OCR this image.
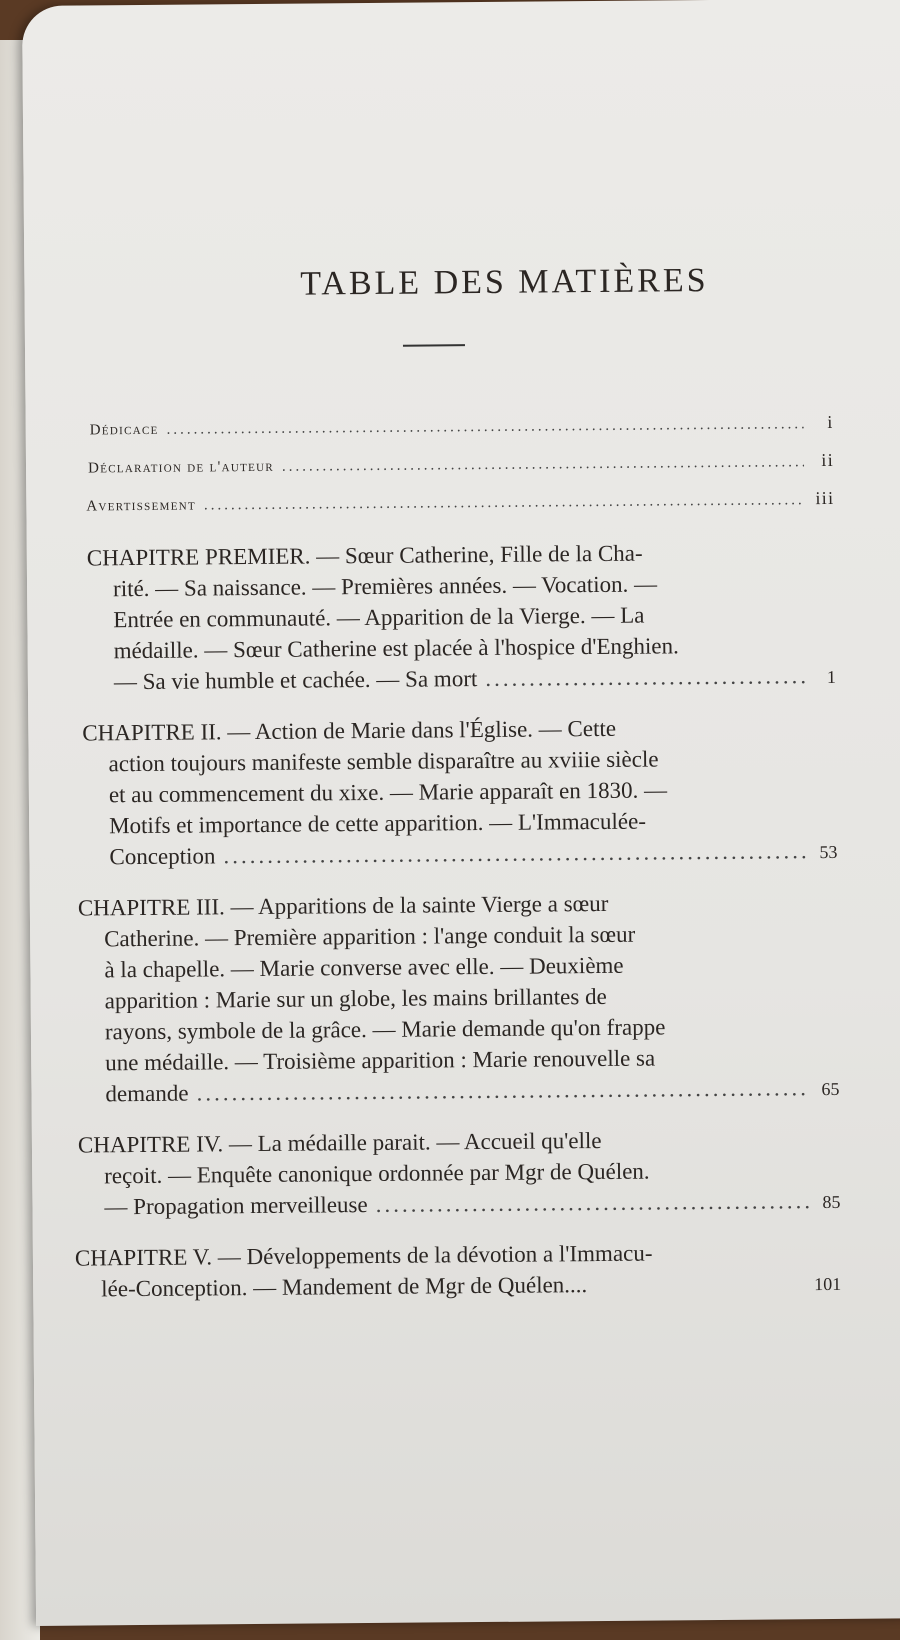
TABLE DES MATIÈRES
Dédicace .....	i
Déclaration de l'auteur .....	ii
Avertissement .....	iii
CHAPITRE PREMIER. — Sœur Catherine, Fille de la Cha-
rité. — Sa naissance. — Premières années. — Vocation. —
Entrée en communauté. — Apparition de la Vierge. — La
médaille. — Sœur Catherine est placée à l'hospice d'Enghien.
— Sa vie humble et cachée. — Sa mort .....	1
CHAPITRE II. — Action de Marie dans l'Église. — Cette
action toujours manifeste semble disparaître au xviiie siècle
et au commencement du xixe. — Marie apparaît en 1830. —
Motifs et importance de cette apparition. — L'Immaculée-
Conception .....	53
CHAPITRE III. — Apparitions de la sainte Vierge a sœur
Catherine. — Première apparition : l'ange conduit la sœur
à la chapelle. — Marie converse avec elle. — Deuxième
apparition : Marie sur un globe, les mains brillantes de
rayons, symbole de la grâce. — Marie demande qu'on frappe
une médaille. — Troisième apparition : Marie renouvelle sa
demande .....	65
CHAPITRE IV. — La médaille parait. — Accueil qu'elle
reçoit. — Enquête canonique ordonnée par Mgr de Quélen.
— Propagation merveilleuse .....	85
CHAPITRE V. — Développements de la dévotion a l'Immacu-
lée-Conception. — Mandement de Mgr de Quélen....	101
